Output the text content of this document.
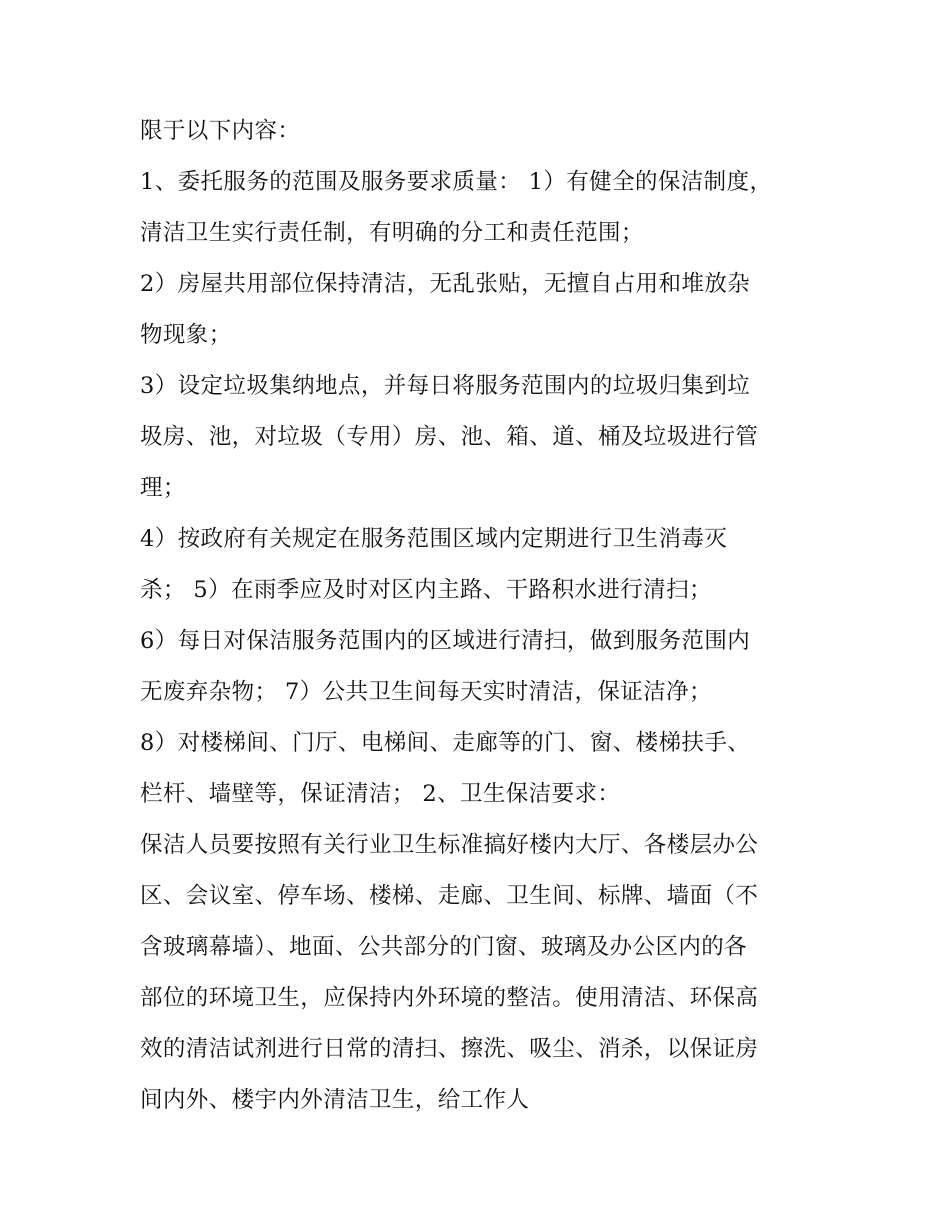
限于以下内容：
1、委托服务的范围及服务要求质量： 1）有健全的保洁制度，
清洁卫生实行责任制，有明确的分工和责任范围；
2）房屋共用部位保持清洁，无乱张贴，无擅自占用和堆放杂
物现象；
3）设定垃圾集纳地点，并每日将服务范围内的垃圾归集到垃
圾房、池，对垃圾（专用）房、池、箱、道、桶及垃圾进行管
理；
4）按政府有关规定在服务范围区域内定期进行卫生消毒灭
杀； 5）在雨季应及时对区内主路、干路积水进行清扫；
6）每日对保洁服务范围内的区域进行清扫，做到服务范围内
无废弃杂物； 7）公共卫生间每天实时清洁，保证洁净；
8）对楼梯间、门厅、电梯间、走廊等的门、窗、楼梯扶手、
栏杆、墙壁等，保证清洁； 2、卫生保洁要求：
保洁人员要按照有关行业卫生标准搞好楼内大厅、各楼层办公
区、会议室、停车场、楼梯、走廊、卫生间、标牌、墙面（不
含玻璃幕墙）、地面、公共部分的门窗、玻璃及办公区内的各
部位的环境卫生，应保持内外环境的整洁。使用清洁、环保高
效的清洁试剂进行日常的清扫、擦洗、吸尘、消杀，以保证房
间内外、楼宇内外清洁卫生，给工作人
